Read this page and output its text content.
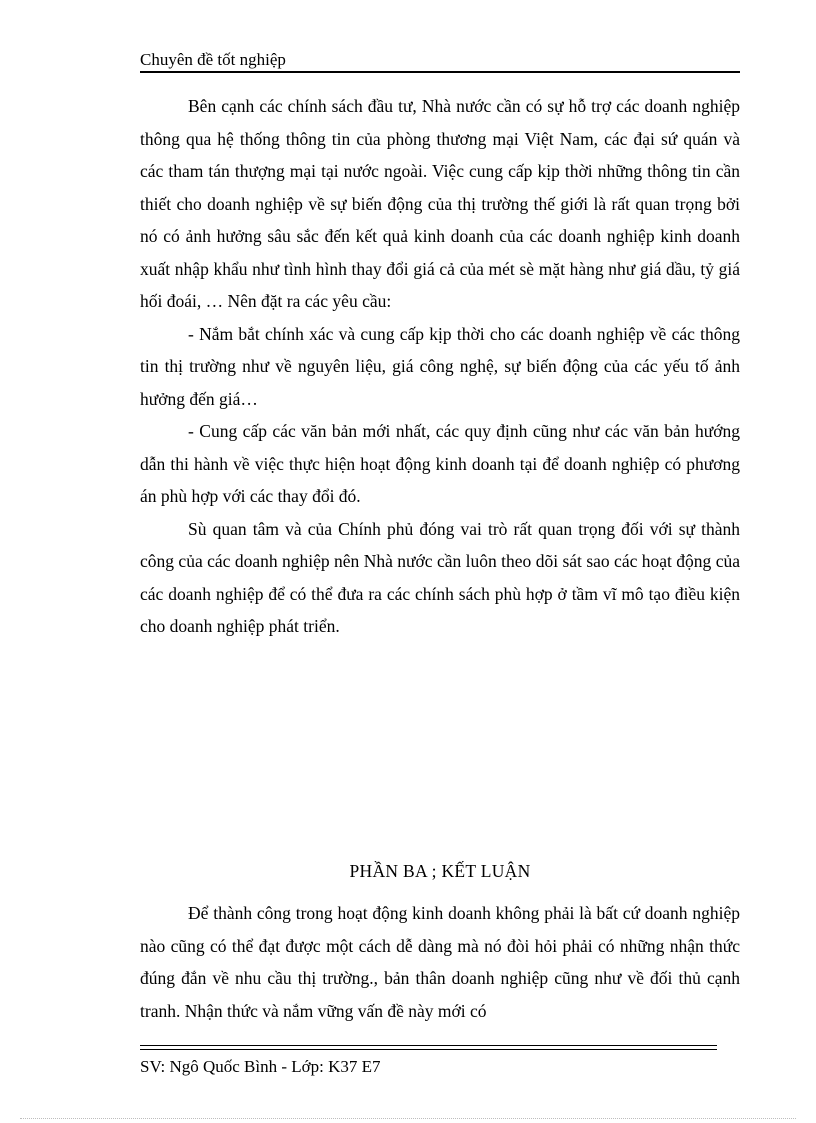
Chuyên đề tốt nghiệp

Bên cạnh các chính sách đầu tư, Nhà nước cần có sự hỗ trợ các doanh nghiệp thông qua hệ thống thông tin của phòng thương mại Việt Nam, các đại sứ quán và các tham tán thượng mại tại nước ngoài. Việc cung cấp kịp thời những thông tin cần thiết cho doanh nghiệp về sự biến động của thị trường thế giới là rất quan trọng bởi nó có ảnh hưởng sâu sắc đến kết quả kinh doanh của các doanh nghiệp kinh doanh xuất nhập khẩu như tình hình thay đổi giá cả của mét sè mặt hàng như giá dầu, tỷ giá hối đoái, … Nên đặt ra các yêu cầu:

- Nắm bắt chính xác và cung cấp kịp thời cho các doanh nghiệp về các thông tin thị trường như về nguyên liệu, giá công nghệ, sự biến động của các yếu tố ảnh hưởng đến giá…

- Cung cấp các văn bản mới nhất, các quy định cũng như các văn bản hướng dẫn thi hành về việc thực hiện hoạt động kinh doanh tại để doanh nghiệp có phương án phù hợp với các thay đổi đó.

Sù quan tâm và của Chính phủ đóng vai trò rất quan trọng đối với sự thành công của các doanh nghiệp nên Nhà nước cần luôn theo dõi sát sao các hoạt động của các doanh nghiệp để có thể đưa ra các chính sách phù hợp ở tầm vĩ mô tạo điều kiện cho doanh nghiệp phát triển.

PHẦN BA ; KẾT LUẬN

Để thành công trong hoạt động kinh doanh không phải là bất cứ doanh nghiệp nào cũng có thể đạt được một cách dễ dàng mà nó đòi hỏi phải có những nhận thức đúng đắn về nhu cầu thị trường., bản thân doanh nghiệp cũng như về đối thủ cạnh tranh. Nhận thức và nắm vững vấn đề này mới có

SV: Ngô Quốc Bình - Lớp: K37 E7
